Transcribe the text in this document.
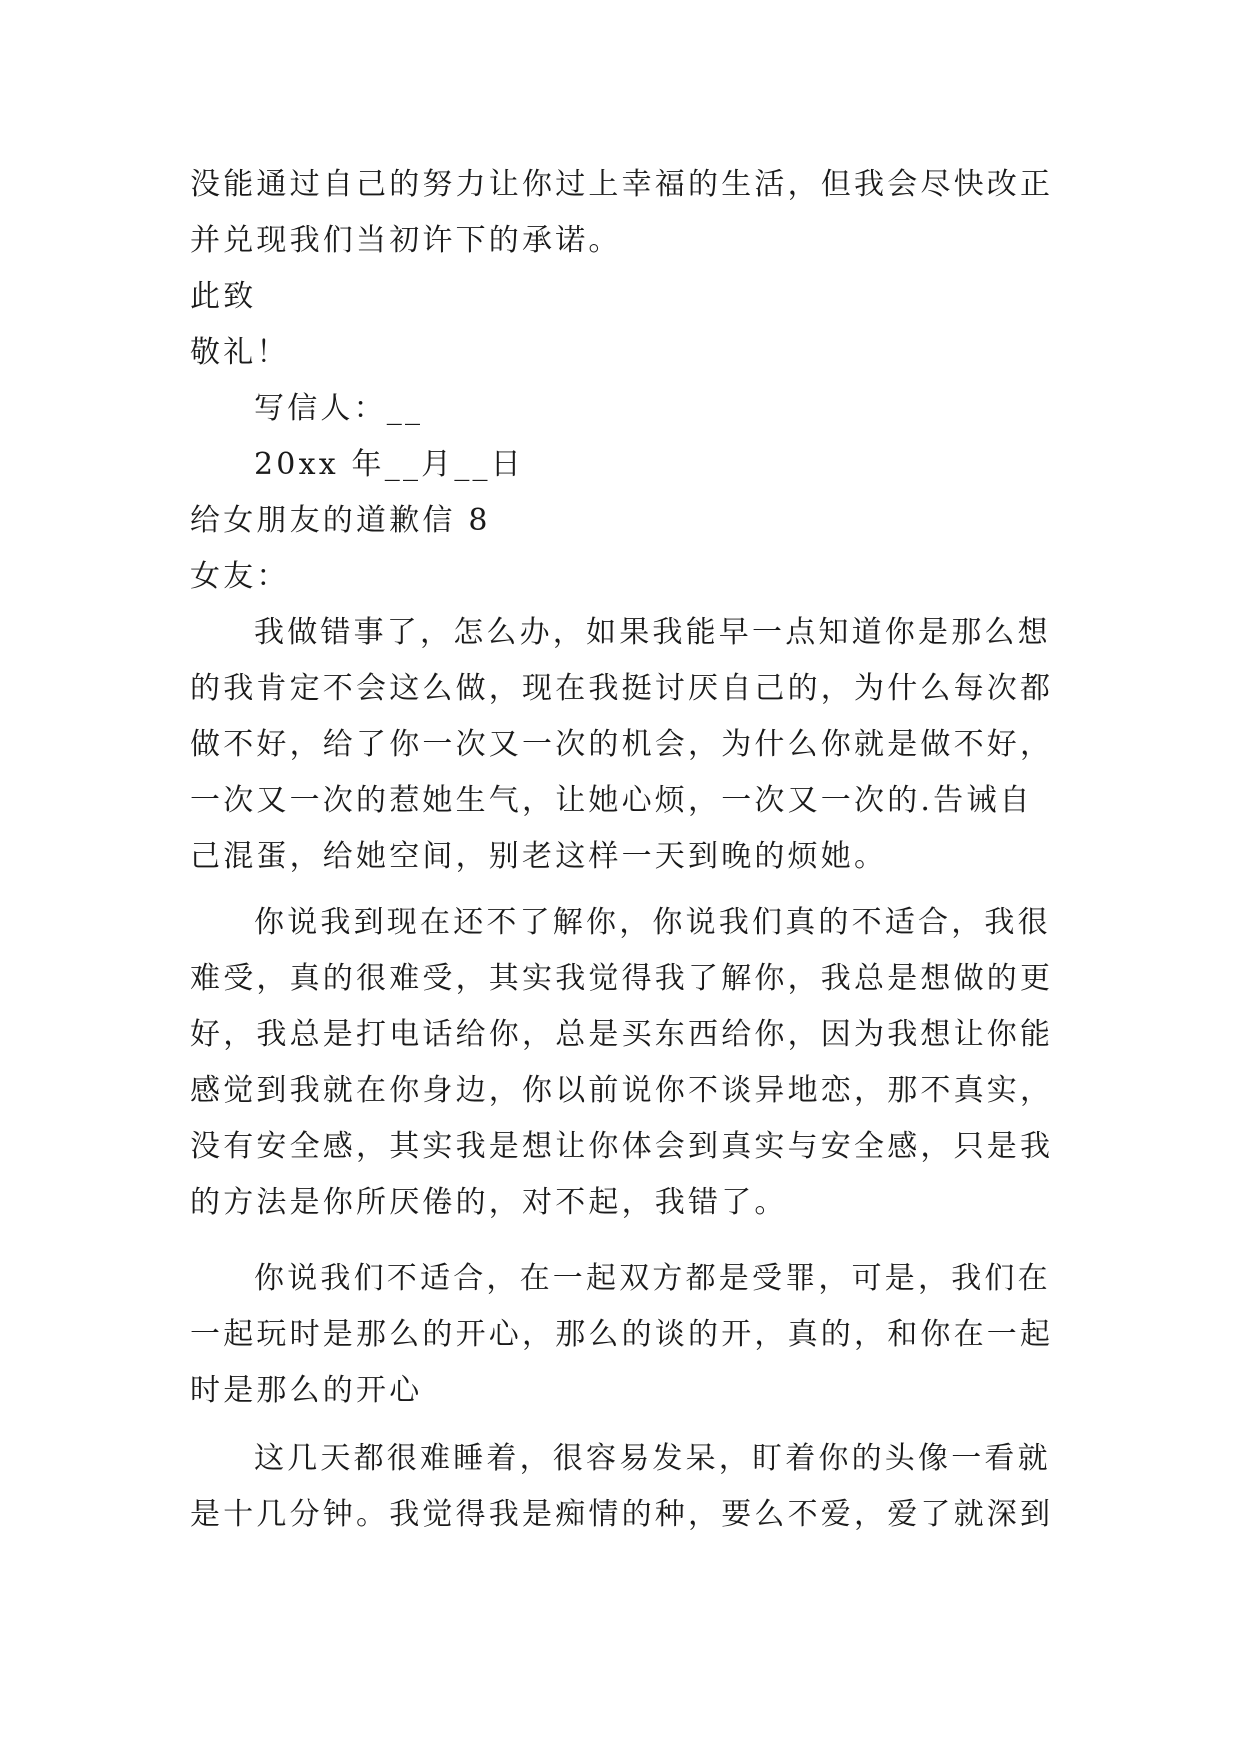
没能通过自己的努力让你过上幸福的生活，但我会尽快改正
并兑现我们当初许下的承诺。
此致
敬礼！
写信人：__
20xx 年__月__日
给女朋友的道歉信 8
女友：
我做错事了，怎么办，如果我能早一点知道你是那么想
的我肯定不会这么做，现在我挺讨厌自己的，为什么每次都
做不好，给了你一次又一次的机会，为什么你就是做不好，
一次又一次的惹她生气，让她心烦，一次又一次的.告诫自
己混蛋，给她空间，别老这样一天到晚的烦她。
你说我到现在还不了解你，你说我们真的不适合，我很
难受，真的很难受，其实我觉得我了解你，我总是想做的更
好，我总是打电话给你，总是买东西给你，因为我想让你能
感觉到我就在你身边，你以前说你不谈异地恋，那不真实，
没有安全感，其实我是想让你体会到真实与安全感，只是我
的方法是你所厌倦的，对不起，我错了。
你说我们不适合，在一起双方都是受罪，可是，我们在
一起玩时是那么的开心，那么的谈的开，真的，和你在一起
时是那么的开心
这几天都很难睡着，很容易发呆，盯着你的头像一看就
是十几分钟。我觉得我是痴情的种，要么不爱，爱了就深到
